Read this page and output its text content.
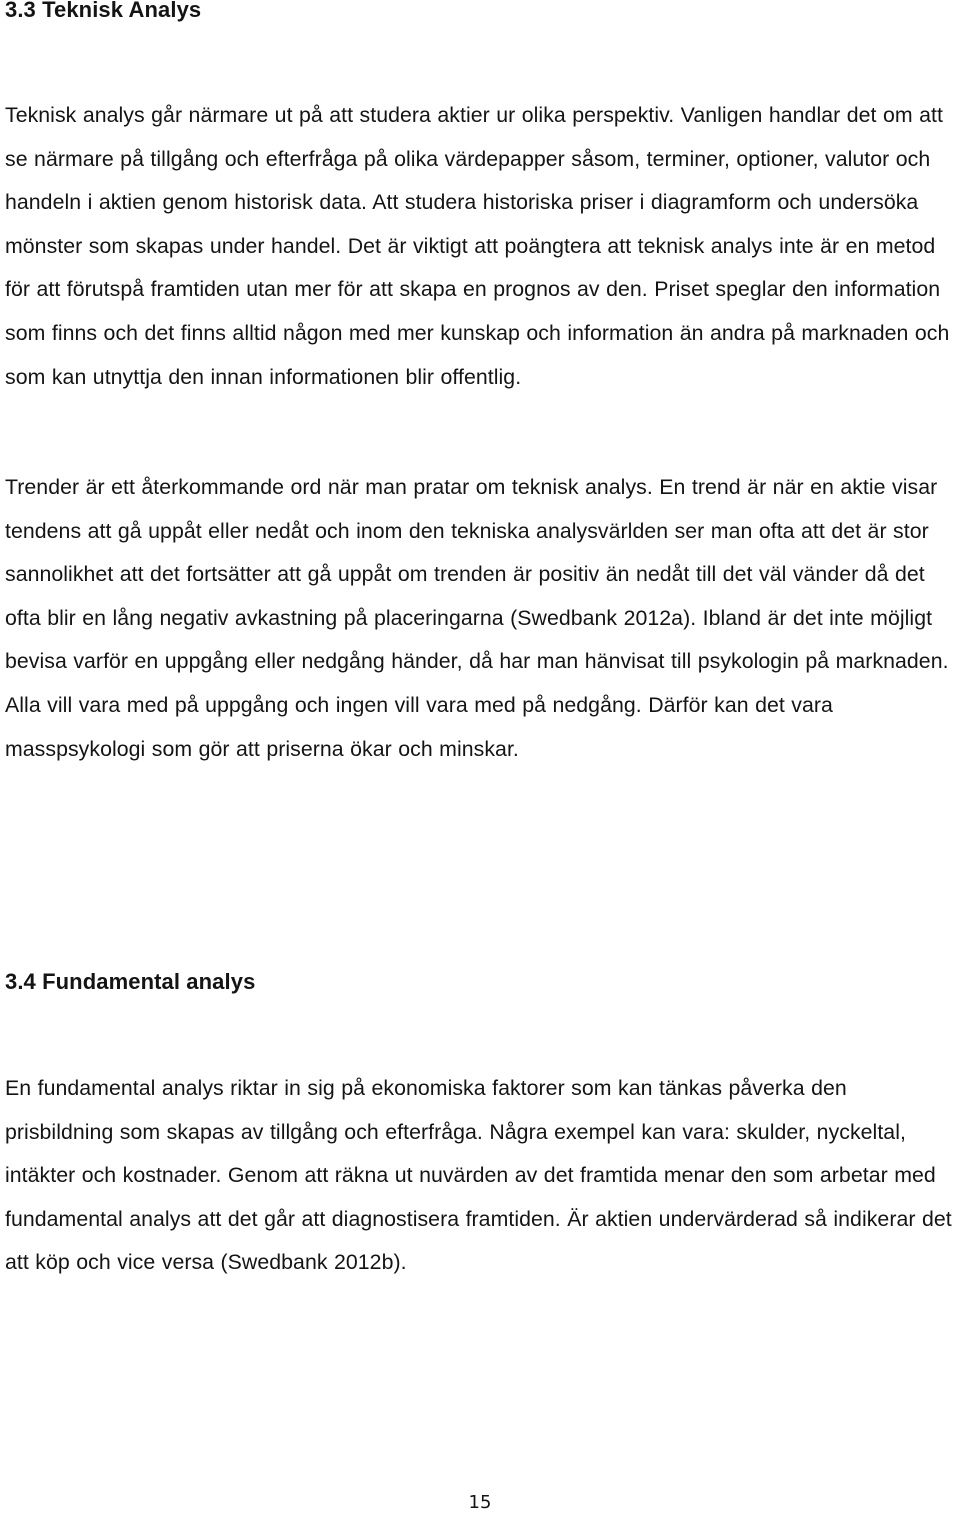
3.3 Teknisk Analys

Teknisk analys går närmare ut på att studera aktier ur olika perspektiv. Vanligen handlar det om att se närmare på tillgång och efterfråga på olika värdepapper såsom, terminer, optioner, valutor och handeln i aktien genom historisk data. Att studera historiska priser i diagramform och undersöka mönster som skapas under handel. Det är viktigt att poängtera att teknisk analys inte är en metod för att förutspå framtiden utan mer för att skapa en prognos av den. Priset speglar den information som finns och det finns alltid någon med mer kunskap och information än andra på marknaden och som kan utnyttja den innan informationen blir offentlig.

Trender är ett återkommande ord när man pratar om teknisk analys. En trend är när en aktie visar tendens att gå uppåt eller nedåt och inom den tekniska analysvärlden ser man ofta att det är stor sannolikhet att det fortsätter att gå uppåt om trenden är positiv än nedåt till det väl vänder då det ofta blir en lång negativ avkastning på placeringarna (Swedbank 2012a). Ibland är det inte möjligt bevisa varför en uppgång eller nedgång händer, då har man hänvisat till psykologin på marknaden. Alla vill vara med på uppgång och ingen vill vara med på nedgång. Därför kan det vara masspsykologi som gör att priserna ökar och minskar.

3.4 Fundamental analys

En fundamental analys riktar in sig på ekonomiska faktorer som kan tänkas påverka den prisbildning som skapas av tillgång och efterfråga. Några exempel kan vara: skulder, nyckeltal, intäkter och kostnader. Genom att räkna ut nuvärden av det framtida menar den som arbetar med fundamental analys att det går att diagnostisera framtiden. Är aktien undervärderad så indikerar det att köp och vice versa (Swedbank 2012b).

15
